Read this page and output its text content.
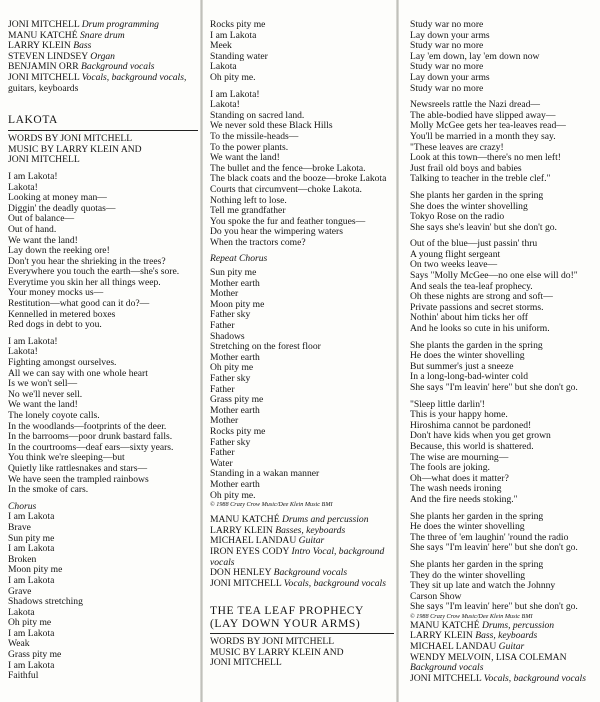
JONI MITCHELL Drum programming
MANU KATCHÉ Snare drum
LARRY KLEIN Bass
STEVEN LINDSEY Organ
BENJAMIN ORR Background vocals
JONI MITCHELL Vocals, background vocals,
guitars, keyboards
LAKOTA
WORDS BY JONI MITCHELL
MUSIC BY LARRY KLEIN AND
JONI MITCHELL
I am Lakota!
Lakota!
Looking at money man—
Diggin' the deadly quotas—
Out of balance—
Out of hand.
We want the land!
Lay down the reeking ore!
Don't you hear the shrieking in the trees?
Everywhere you touch the earth—she's sore.
Everytime you skin her all things weep.
Your money mocks us—
Restitution—what good can it do?—
Kennelled in metered boxes
Red dogs in debt to you.
I am Lakota!
Lakota!
Fighting amongst ourselves.
All we can say with one whole heart
Is we won't sell—
No we'll never sell.
We want the land!
The lonely coyote calls.
In the woodlands—footprints of the deer.
In the barrooms—poor drunk bastard falls.
In the courtrooms—deaf ears—sixty years.
You think we're sleeping—but
Quietly like rattlesnakes and stars—
We have seen the trampled rainbows
In the smoke of cars.
Chorus
I am Lakota
Brave
Sun pity me
I am Lakota
Broken
Moon pity me
I am Lakota
Grave
Shadows stretching
Lakota
Oh pity me
I am Lakota
Weak
Grass pity me
I am Lakota
Faithful
Rocks pity me
I am Lakota
Meek
Standing water
Lakota
Oh pity me.
I am Lakota!
Lakota!
Standing on sacred land.
We never sold these Black Hills
To the missile-heads—
To the power plants.
We want the land!
The bullet and the fence—broke Lakota.
The black coats and the booze—broke Lakota
Courts that circumvent—choke Lakota.
Nothing left to lose.
Tell me grandfather
You spoke the fur and feather tongues—
Do you hear the wimpering waters
When the tractors come?
Repeat Chorus
Sun pity me
Mother earth
Mother
Moon pity me
Father sky
Father
Shadows
Stretching on the forest floor
Mother earth
Oh pity me
Father sky
Father
Grass pity me
Mother earth
Mother
Rocks pity me
Father sky
Father
Water
Standing in a wakan manner
Mother earth
Oh pity me.
© 1988 Crazy Crow Music/Dee Klein Music BMI
MANU KATCHÉ Drums and percussion
LARRY KLEIN Basses, keyboards
MICHAEL LANDAU Guitar
IRON EYES CODY Intro Vocal, background
vocals
DON HENLEY Background vocals
JONI MITCHELL Vocals, background vocals
THE TEA LEAF PROPHECY
(LAY DOWN YOUR ARMS)
WORDS BY JONI MITCHELL
MUSIC BY LARRY KLEIN AND
JONI MITCHELL
Study war no more
Lay down your arms
Study war no more
Lay 'em down, lay 'em down now
Study war no more
Lay down your arms
Study war no more
Newsreels rattle the Nazi dread—
The able-bodied have slipped away—
Molly McGee gets her tea-leaves read—
You'll be married in a month they say.
"These leaves are crazy!
Look at this town—there's no men left!
Just frail old boys and babies
Talking to teacher in the treble clef."
She plants her garden in the spring
She does the winter shovelling
Tokyo Rose on the radio
She says she's leavin' but she don't go.
Out of the blue—just passin' thru
A young flight sergeant
On two weeks leave—
Says "Molly McGee—no one else will do!"
And seals the tea-leaf prophecy.
Oh these nights are strong and soft—
Private passions and secret storms.
Nothin' about him ticks her off
And he looks so cute in his uniform.
She plants the garden in the spring
He does the winter shovelling
But summer's just a sneeze
In a long-long-bad-winter cold
She says "I'm leavin' here" but she don't go.
"Sleep little darlin'!
This is your happy home.
Hiroshima cannot be pardoned!
Don't have kids when you get grown
Because, this world is shattered.
The wise are mourning—
The fools are joking.
Oh—what does it matter?
The wash needs ironing
And the fire needs stoking."
She plants her garden in the spring
He does the winter shovelling
The three of 'em laughin' 'round the radio
She says "I'm leavin' here" but she don't go.
She plants her garden in the spring
They do the winter shovelling
They sit up late and watch the Johnny
Carson Show
She says "I'm leavin' here" but she don't go.
© 1988 Crazy Crow Music/Dee Klein Music BMI
MANU KATCHÉ Drums, percussion
LARRY KLEIN Bass, keyboards
MICHAEL LANDAU Guitar
WENDY MELVOIN, LISA COLEMAN
Background vocals
JONI MITCHELL Vocals, background vocals
